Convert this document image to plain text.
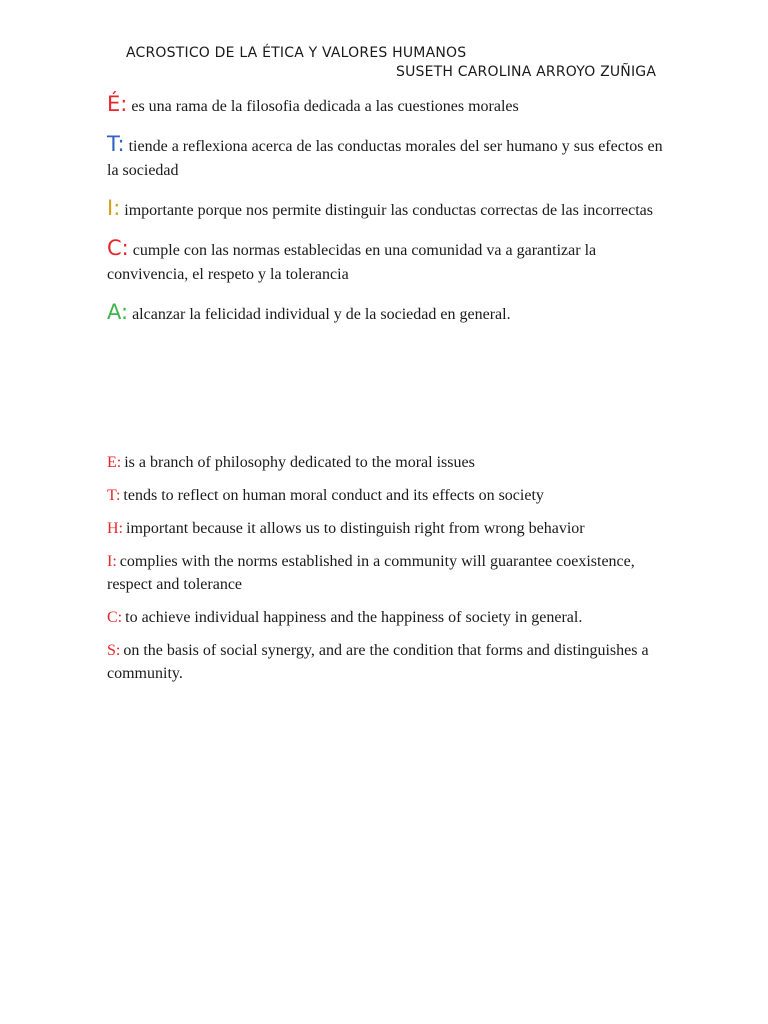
ACROSTICO DE LA ÉTICA Y VALORES HUMANOS
SUSETH CAROLINA ARROYO ZUÑIGA
É: es una rama de la filosofia dedicada a las cuestiones morales
T: tiende a reflexiona acerca de las conductas morales del ser humano y sus efectos en la sociedad
I: importante porque nos permite distinguir las conductas correctas de las incorrectas
C: cumple con las normas establecidas en una comunidad va a garantizar la convivencia, el respeto y la tolerancia
A: alcanzar la felicidad individual y de la sociedad en general.
E: is a branch of philosophy dedicated to the moral issues
T: tends to reflect on human moral conduct and its effects on society
H: important because it allows us to distinguish right from wrong behavior
I: complies with the norms established in a community will guarantee coexistence, respect and tolerance
C: to achieve individual happiness and the happiness of society in general.
S: on the basis of social synergy, and are the condition that forms and distinguishes a community.
